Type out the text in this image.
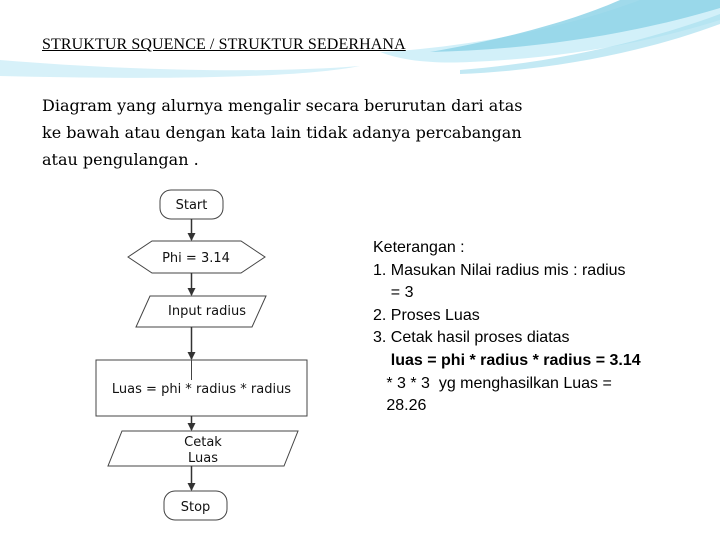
STRUKTUR SQUENCE / STRUKTUR SEDERHANA
Diagram yang alurnya mengalir secara berurutan dari atas
ke bawah atau dengan kata lain tidak adanya percabangan
atau pengulangan .
Start
Phi = 3.14
Input radius
Luas = phi * radius * radius
Cetak
Luas
Stop
Keterangan :
1. Masukan Nilai radius mis : radius
= 3
2. Proses Luas
3. Cetak hasil proses diatas
luas = phi * radius * radius = 3.14
* 3 * 3  yg menghasilkan Luas =
28.26
